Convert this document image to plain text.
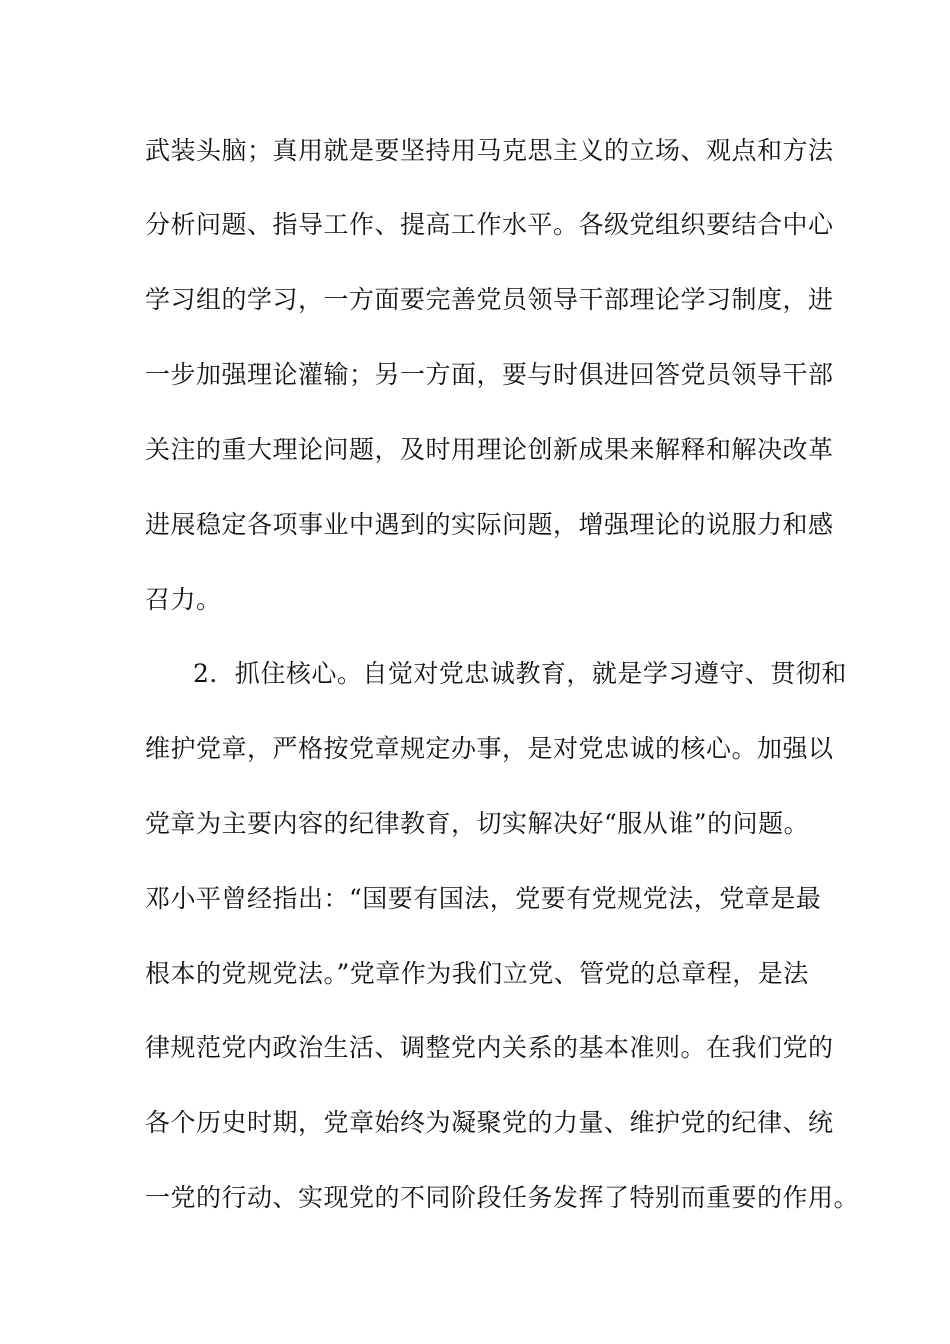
武装头脑；真用就是要坚持用马克思主义的立场、观点和方法
分析问题、指导工作、提高工作水平。各级党组织要结合中心
学习组的学习，一方面要完善党员领导干部理论学习制度，进
一步加强理论灌输；另一方面，要与时俱进回答党员领导干部
关注的重大理论问题，及时用理论创新成果来解释和解决改革
进展稳定各项事业中遇到的实际问题，增强理论的说服力和感
召力。
2．抓住核心。自觉对党忠诚教育，就是学习遵守、贯彻和
维护党章，严格按党章规定办事，是对党忠诚的核心。加强以
党章为主要内容的纪律教育，切实解决好“服从谁”的问题。
邓小平曾经指出：“国要有国法，党要有党规党法，党章是最
根本的党规党法。”党章作为我们立党、管党的总章程，是法
律规范党内政治生活、调整党内关系的基本准则。在我们党的
各个历史时期，党章始终为凝聚党的力量、维护党的纪律、统
一党的行动、实现党的不同阶段任务发挥了特别而重要的作用。
